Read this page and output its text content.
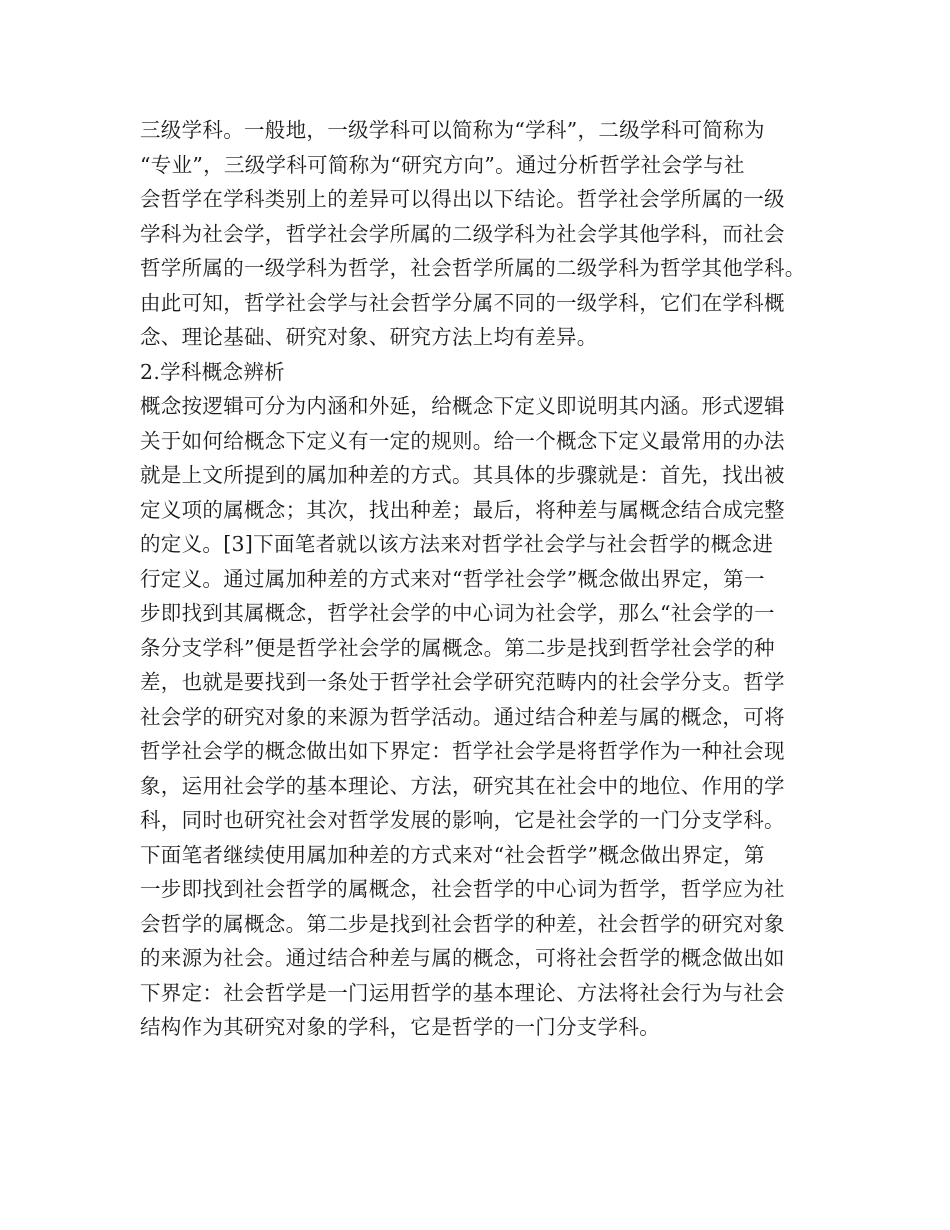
三级学科。一般地，一级学科可以简称为“学科”，二级学科可简称为
“专业”，三级学科可简称为“研究方向”。通过分析哲学社会学与社
会哲学在学科类别上的差异可以得出以下结论。哲学社会学所属的一级
学科为社会学，哲学社会学所属的二级学科为社会学其他学科，而社会
哲学所属的一级学科为哲学，社会哲学所属的二级学科为哲学其他学科。
由此可知，哲学社会学与社会哲学分属不同的一级学科，它们在学科概
念、理论基础、研究对象、研究方法上均有差异。
2.学科概念辨析
概念按逻辑可分为内涵和外延，给概念下定义即说明其内涵。形式逻辑
关于如何给概念下定义有一定的规则。给一个概念下定义最常用的办法
就是上文所提到的属加种差的方式。其具体的步骤就是：首先，找出被
定义项的属概念；其次，找出种差；最后，将种差与属概念结合成完整
的定义。[3]下面笔者就以该方法来对哲学社会学与社会哲学的概念进
行定义。通过属加种差的方式来对“哲学社会学”概念做出界定，第一
步即找到其属概念，哲学社会学的中心词为社会学，那么“社会学的一
条分支学科”便是哲学社会学的属概念。第二步是找到哲学社会学的种
差，也就是要找到一条处于哲学社会学研究范畴内的社会学分支。哲学
社会学的研究对象的来源为哲学活动。通过结合种差与属的概念，可将
哲学社会学的概念做出如下界定：哲学社会学是将哲学作为一种社会现
象，运用社会学的基本理论、方法，研究其在社会中的地位、作用的学
科，同时也研究社会对哲学发展的影响，它是社会学的一门分支学科。
下面笔者继续使用属加种差的方式来对“社会哲学”概念做出界定，第
一步即找到社会哲学的属概念，社会哲学的中心词为哲学，哲学应为社
会哲学的属概念。第二步是找到社会哲学的种差，社会哲学的研究对象
的来源为社会。通过结合种差与属的概念，可将社会哲学的概念做出如
下界定：社会哲学是一门运用哲学的基本理论、方法将社会行为与社会
结构作为其研究对象的学科，它是哲学的一门分支学科。
